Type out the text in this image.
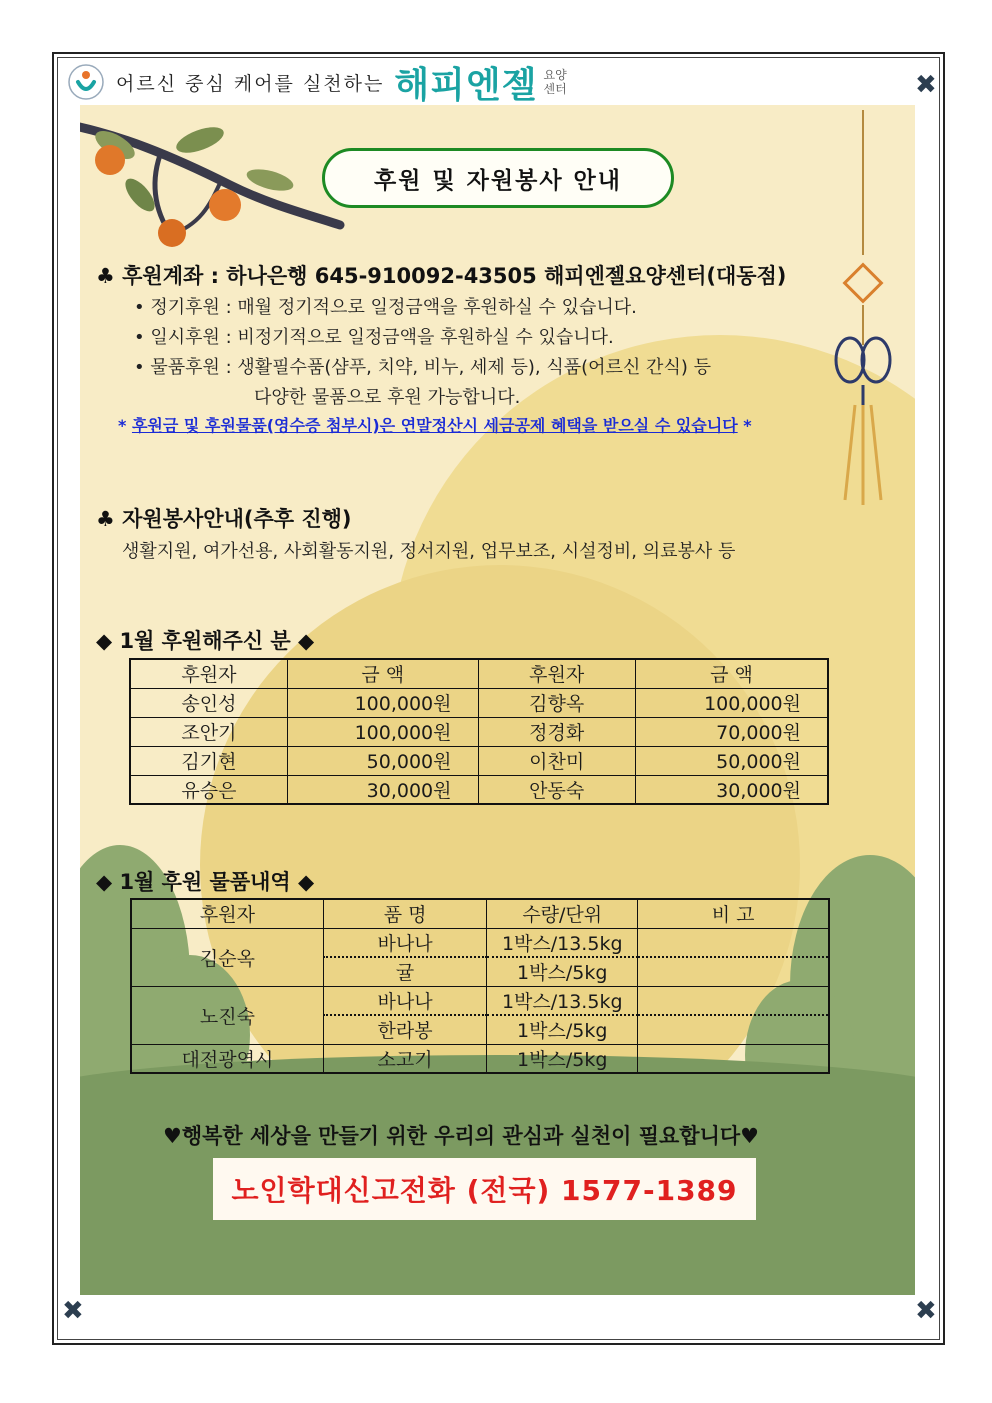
✖
✖	✖
어르신 중심 케어를 실천하는 해피엔젤 요양
센터
후원 및 자원봉사 안내
♣ 후원계좌 : 하나은행 645-910092-43505 해피엔젤요양센터(대동점)
• 정기후원 : 매월 정기적으로 일정금액을 후원하실 수 있습니다.
• 일시후원 : 비정기적으로 일정금액을 후원하실 수 있습니다.
• 물품후원 : 생활필수품(샴푸, 치약, 비누, 세제 등), 식품(어르신 간식) 등
다양한 물품으로 후원 가능합니다.
* 후원금 및 후원물품(영수증 첨부시)은 연말정산시 세금공제 혜택을 받으실 수 있습니다 *
♣ 자원봉사안내(추후 진행)
생활지원, 여가선용, 사회활동지원, 정서지원, 업무보조, 시설정비, 의료봉사 등
◆ 1월 후원해주신 분 ◆
후원자	금 액	후원자	금 액
송인성	100,000원	김향옥	100,000원
조안기	100,000원	정경화	70,000원
김기현	50,000원	이찬미	50,000원
유승은	30,000원	안동숙	30,000원
◆ 1월 후원 물품내역 ◆
후원자	품 명	수량/단위	비 고
김순옥	바나나	1박스/13.5kg	
	귤	1박스/5kg	
노진숙	바나나	1박스/13.5kg	
	한라봉	1박스/5kg	
대전광역시	소고기	1박스/5kg	
♥행복한 세상을 만들기 위한 우리의 관심과 실천이 필요합니다♥
노인학대신고전화 (전국) 1577-1389
